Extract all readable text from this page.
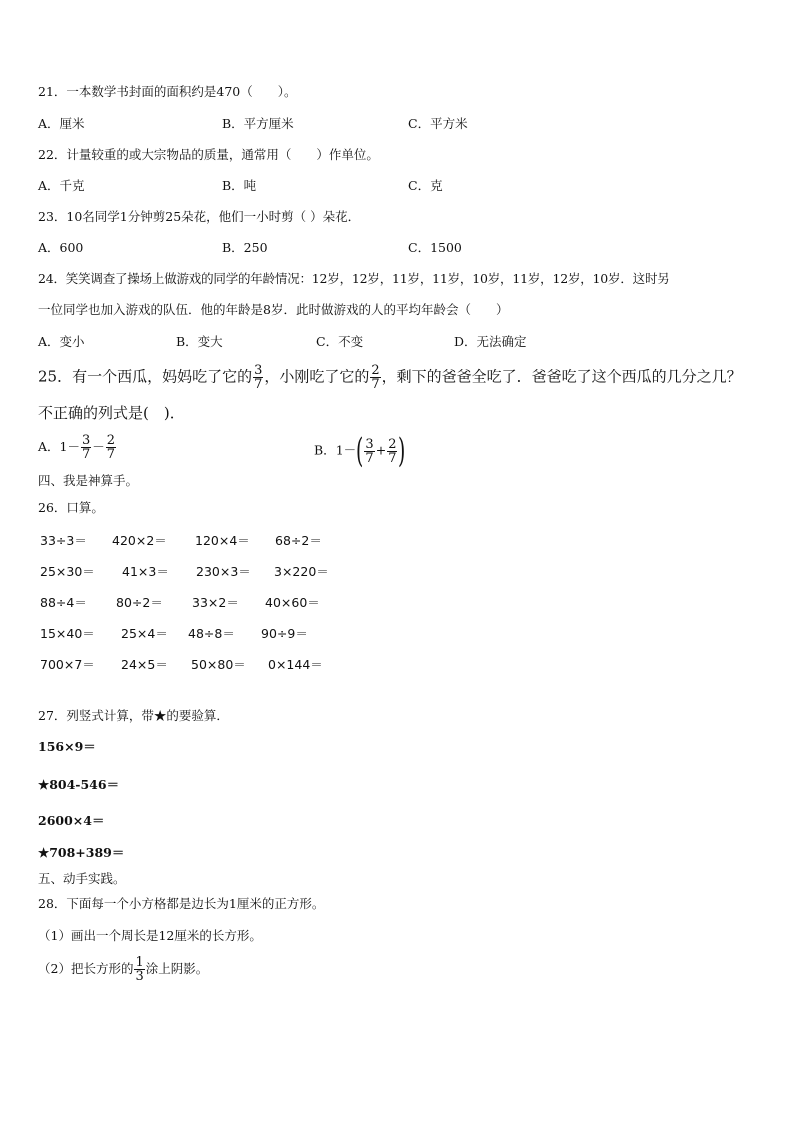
21．一本数学书封面的面积约是470（　　）。
A．厘米	B．平方厘米	C．平方米
22．计量较重的或大宗物品的质量，通常用（　　）作单位。
A．千克	B．吨	C．克
23．10名同学1分钟剪25朵花，他们一小时剪（ ）朵花．
A．600	B．250	C．1500
24．笑笑调查了操场上做游戏的同学的年龄情况：12岁，12岁，11岁，11岁，10岁，11岁，12岁，10岁．这时另
一位同学也加入游戏的队伍．他的年龄是8岁．此时做游戏的人的平均年龄会（　　）
A．变小	B．变大	C．不变	D．无法确定
25．有一个西瓜，妈妈吃了它的 $\frac{3}{7}$ ，小刚吃了它的 $\frac{2}{7}$ ，剩下的爸爸全吃了．爸爸吃了这个西瓜的几分之几？
不正确的列式是(　)．
A．$1- \frac{3}{7} - \frac{2}{7}$	B．$1-( \frac{3}{7} + \frac{2}{7}$ )
四、我是神算手。
26．口算。
33÷3＝ 420×2＝ 120×4＝ 68÷2＝
25×30＝ 41×3＝ 230×3＝ 3×220＝
88÷4＝ 80÷2＝ 33×2＝ 40×60＝
15×40＝ 25×4＝ 48÷8＝ 90÷9＝
700×7＝ 24×5＝ 50×80＝ 0×144＝
27．列竖式计算，带★的要验算．
156×9＝
★804-546＝
2600×4＝
★708+389＝
五、动手实践。
28．下面每一个小方格都是边长为1厘米的正方形。
（1）画出一个周长是12厘米的长方形。
（2）把长方形的 $\frac{1}{3}$ 涂上阴影。
